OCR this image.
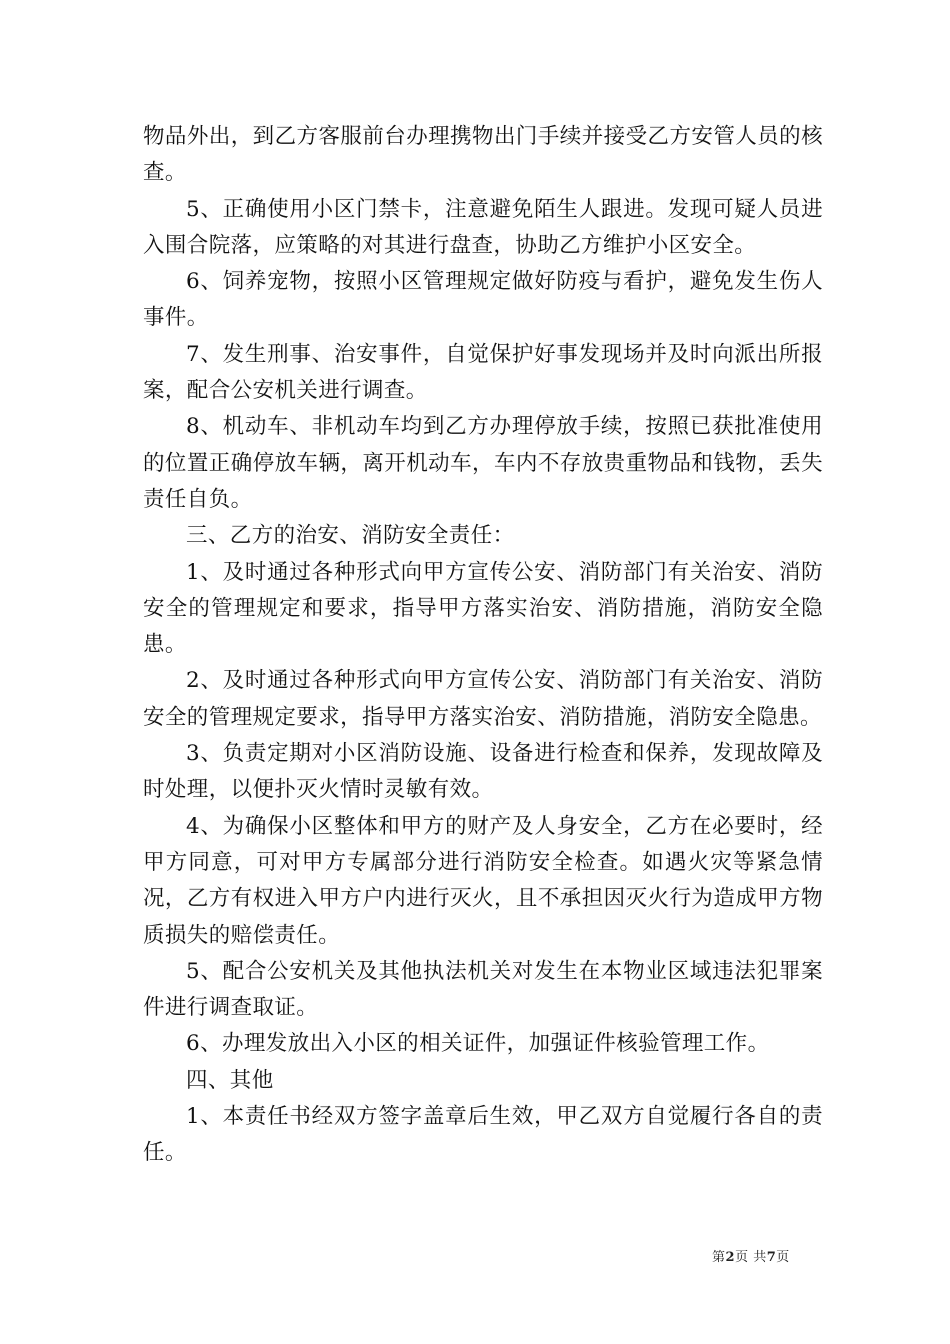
物品外出，到乙方客服前台办理携物出门手续并接受乙方安管人员的核查。

5、正确使用小区门禁卡，注意避免陌生人跟进。发现可疑人员进入围合院落，应策略的对其进行盘查，协助乙方维护小区安全。

6、饲养宠物，按照小区管理规定做好防疫与看护，避免发生伤人事件。

7、发生刑事、治安事件，自觉保护好事发现场并及时向派出所报案，配合公安机关进行调查。

8、机动车、非机动车均到乙方办理停放手续，按照已获批准使用的位置正确停放车辆，离开机动车，车内不存放贵重物品和钱物，丢失责任自负。

三、乙方的治安、消防安全责任：

1、及时通过各种形式向甲方宣传公安、消防部门有关治安、消防安全的管理规定和要求，指导甲方落实治安、消防措施，消防安全隐患。

2、及时通过各种形式向甲方宣传公安、消防部门有关治安、消防安全的管理规定要求，指导甲方落实治安、消防措施，消防安全隐患。

3、负责定期对小区消防设施、设备进行检查和保养，发现故障及时处理，以便扑灭火情时灵敏有效。

4、为确保小区整体和甲方的财产及人身安全，乙方在必要时，经甲方同意，可对甲方专属部分进行消防安全检查。如遇火灾等紧急情况，乙方有权进入甲方户内进行灭火，且不承担因灭火行为造成甲方物质损失的赔偿责任。

5、配合公安机关及其他执法机关对发生在本物业区域违法犯罪案件进行调查取证。

6、办理发放出入小区的相关证件，加强证件核验管理工作。

四、其他

1、本责任书经双方签字盖章后生效，甲乙双方自觉履行各自的责任。

第2页 共7页
